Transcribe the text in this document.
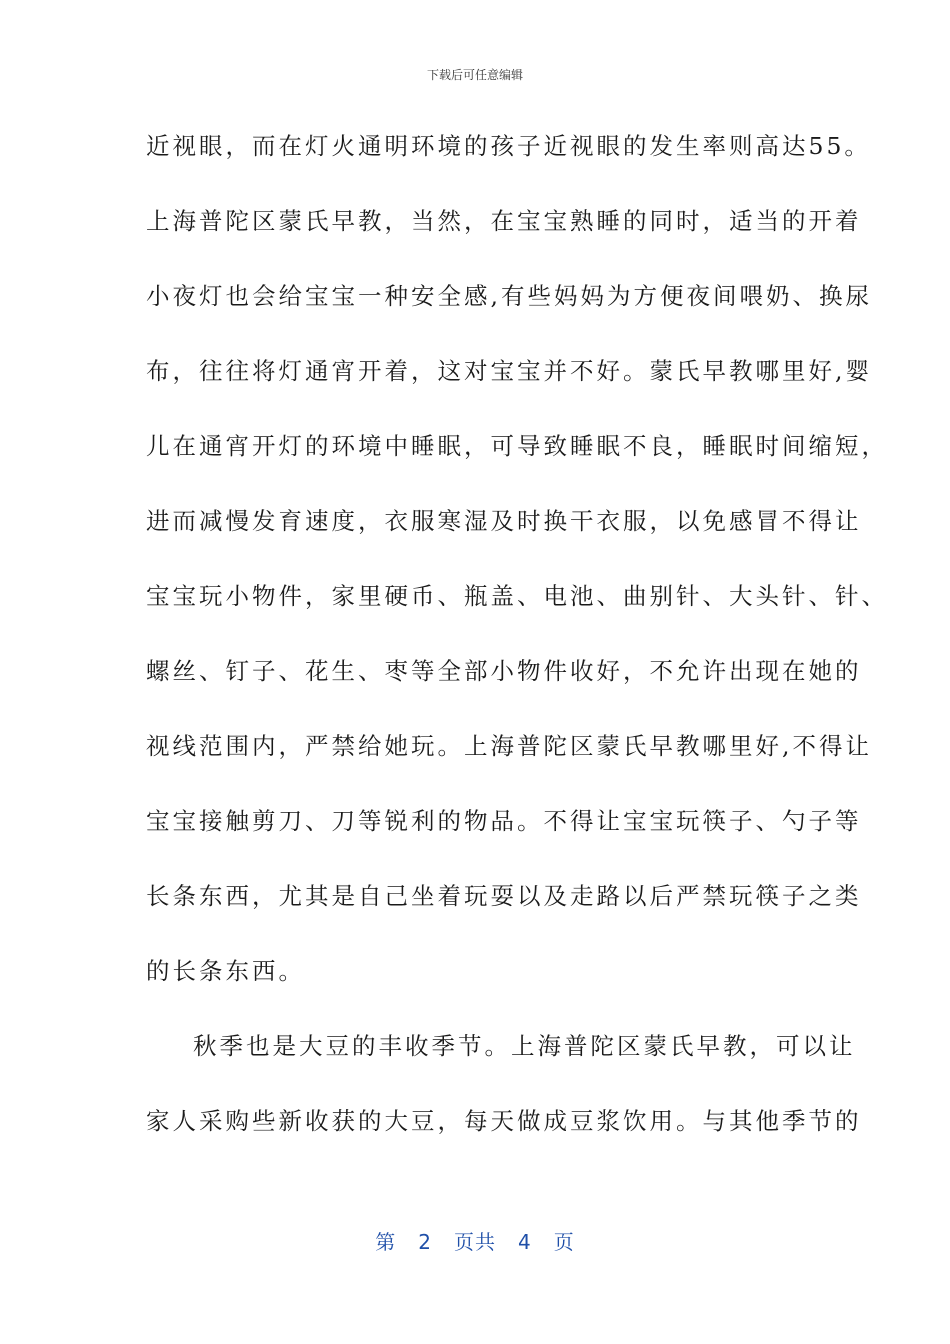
下载后可任意编辑
近视眼，而在灯火通明环境的孩子近视眼的发生率则高达55。
上海普陀区蒙氏早教，当然，在宝宝熟睡的同时，适当的开着
小夜灯也会给宝宝一种安全感,有些妈妈为方便夜间喂奶、换尿
布，往往将灯通宵开着，这对宝宝并不好。蒙氏早教哪里好,婴
儿在通宵开灯的环境中睡眠，可导致睡眠不良，睡眠时间缩短，
进而减慢发育速度，衣服寒湿及时换干衣服，以免感冒不得让
宝宝玩小物件，家里硬币、瓶盖、电池、曲别针、大头针、针、
螺丝、钉子、花生、枣等全部小物件收好，不允许出现在她的
视线范围内，严禁给她玩。上海普陀区蒙氏早教哪里好,不得让
宝宝接触剪刀、刀等锐利的物品。不得让宝宝玩筷子、勺子等
长条东西，尤其是自己坐着玩耍以及走路以后严禁玩筷子之类
的长条东西。
秋季也是大豆的丰收季节。上海普陀区蒙氏早教，可以让
家人采购些新收获的大豆，每天做成豆浆饮用。与其他季节的
第 2 页共 4 页
